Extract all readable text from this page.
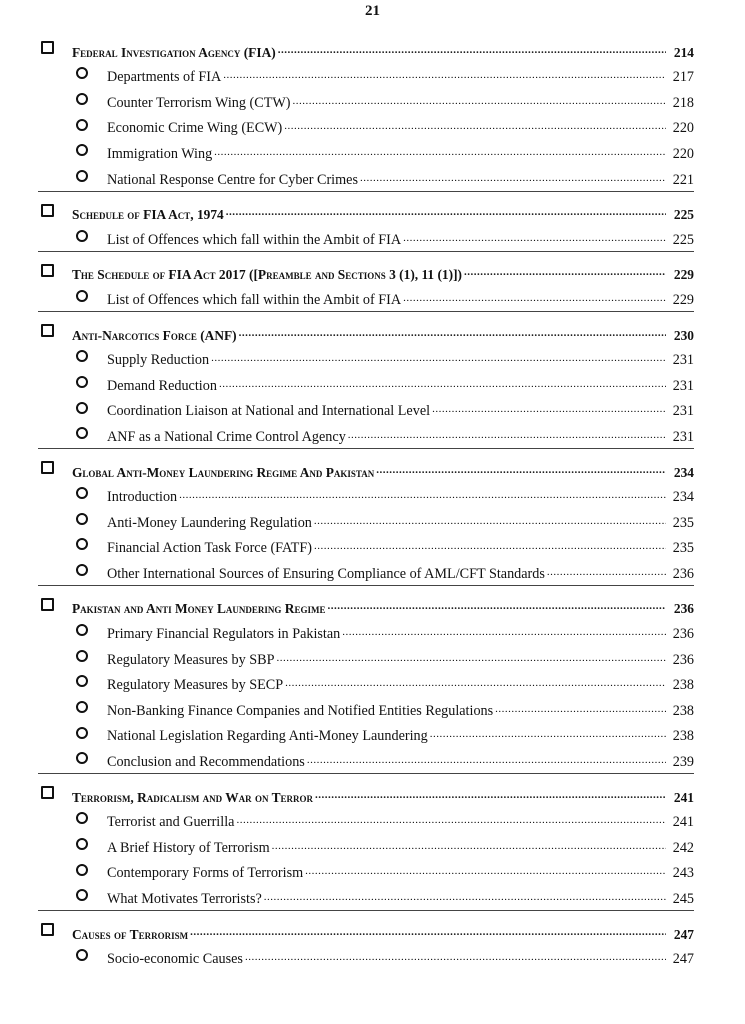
21
Federal Investigation Agency (FIA) .....	214
Departments of FIA .....	217
Counter Terrorism Wing (CTW) .....	218
Economic Crime Wing (ECW) .....	220
Immigration Wing .....	220
National Response Centre for Cyber Crimes .....	221
Schedule of FIA Act, 1974 .....	225
List of Offences which fall within the Ambit of FIA .....	225
The Schedule of FIA Act 2017 ([Preamble and Sections 3 (1), 11 (1)]) .....	229
List of Offences which fall within the Ambit of FIA .....	229
Anti-Narcotics Force (ANF) .....	230
Supply Reduction .....	231
Demand Reduction .....	231
Coordination Liaison at National and International Level .....	231
ANF as a National Crime Control Agency .....	231
Global Anti-Money Laundering Regime And Pakistan .....	234
Introduction .....	234
Anti-Money Laundering Regulation .....	235
Financial Action Task Force (FATF) .....	235
Other International Sources of Ensuring Compliance of AML/CFT Standards .....	236
Pakistan and Anti Money Laundering Regime .....	236
Primary Financial Regulators in Pakistan .....	236
Regulatory Measures by SBP .....	236
Regulatory Measures by SECP .....	238
Non-Banking Finance Companies and Notified Entities Regulations .....	238
National Legislation Regarding Anti-Money Laundering .....	238
Conclusion and Recommendations .....	239
Terrorism, Radicalism and War on Terror .....	241
Terrorist and Guerrilla .....	241
A Brief History of Terrorism .....	242
Contemporary Forms of Terrorism .....	243
What Motivates Terrorists? .....	245
Causes of Terrorism .....	247
Socio-economic Causes .....	247
